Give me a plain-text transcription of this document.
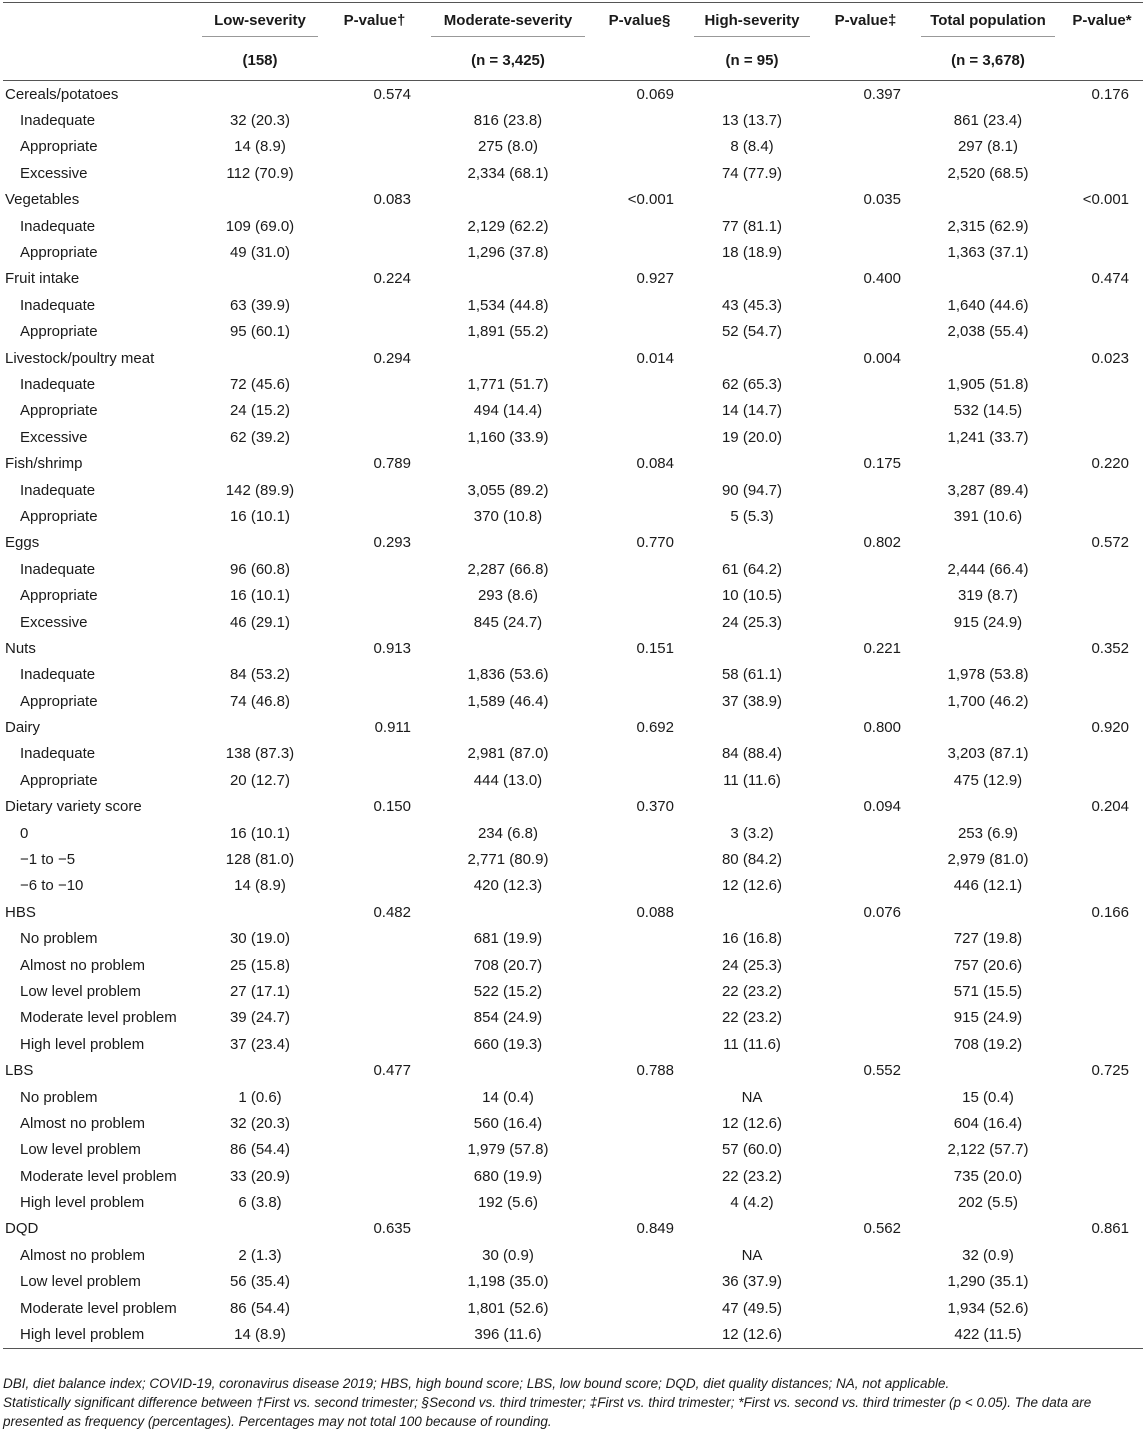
	Low-severity	P-value†	Moderate-severity	P-value§	High-severity	P-value‡	Total population	P-value*

	(158)		(n = 3,425)		(n = 95)		(n = 3,678)	
Cereals/potatoes		0.574		0.069		0.397		0.176
Inadequate	32 (20.3)		816 (23.8)		13 (13.7)		861 (23.4)	
Appropriate	14 (8.9)		275 (8.0)		8 (8.4)		297 (8.1)	
Excessive	112 (70.9)		2,334 (68.1)		74 (77.9)		2,520 (68.5)	
Vegetables		0.083		<0.001		0.035		<0.001
Inadequate	109 (69.0)		2,129 (62.2)		77 (81.1)		2,315 (62.9)	
Appropriate	49 (31.0)		1,296 (37.8)		18 (18.9)		1,363 (37.1)	
Fruit intake		0.224		0.927		0.400		0.474
Inadequate	63 (39.9)		1,534 (44.8)		43 (45.3)		1,640 (44.6)	
Appropriate	95 (60.1)		1,891 (55.2)		52 (54.7)		2,038 (55.4)	
Livestock/poultry meat		0.294		0.014		0.004		0.023
Inadequate	72 (45.6)		1,771 (51.7)		62 (65.3)		1,905 (51.8)	
Appropriate	24 (15.2)		494 (14.4)		14 (14.7)		532 (14.5)	
Excessive	62 (39.2)		1,160 (33.9)		19 (20.0)		1,241 (33.7)	
Fish/shrimp		0.789		0.084		0.175		0.220
Inadequate	142 (89.9)		3,055 (89.2)		90 (94.7)		3,287 (89.4)	
Appropriate	16 (10.1)		370 (10.8)		5 (5.3)		391 (10.6)	
Eggs		0.293		0.770		0.802		0.572
Inadequate	96 (60.8)		2,287 (66.8)		61 (64.2)		2,444 (66.4)	
Appropriate	16 (10.1)		293 (8.6)		10 (10.5)		319 (8.7)	
Excessive	46 (29.1)		845 (24.7)		24 (25.3)		915 (24.9)	
Nuts		0.913		0.151		0.221		0.352
Inadequate	84 (53.2)		1,836 (53.6)		58 (61.1)		1,978 (53.8)	
Appropriate	74 (46.8)		1,589 (46.4)		37 (38.9)		1,700 (46.2)	
Dairy		0.911		0.692		0.800		0.920
Inadequate	138 (87.3)		2,981 (87.0)		84 (88.4)		3,203 (87.1)	
Appropriate	20 (12.7)		444 (13.0)		11 (11.6)		475 (12.9)	
Dietary variety score		0.150		0.370		0.094		0.204
0	16 (10.1)		234 (6.8)		3 (3.2)		253 (6.9)	
−1 to −5	128 (81.0)		2,771 (80.9)		80 (84.2)		2,979 (81.0)	
−6 to −10	14 (8.9)		420 (12.3)		12 (12.6)		446 (12.1)	
HBS		0.482		0.088		0.076		0.166
No problem	30 (19.0)		681 (19.9)		16 (16.8)		727 (19.8)	
Almost no problem	25 (15.8)		708 (20.7)		24 (25.3)		757 (20.6)	
Low level problem	27 (17.1)		522 (15.2)		22 (23.2)		571 (15.5)	
Moderate level problem	39 (24.7)		854 (24.9)		22 (23.2)		915 (24.9)	
High level problem	37 (23.4)		660 (19.3)		11 (11.6)		708 (19.2)	
LBS		0.477		0.788		0.552		0.725
No problem	1 (0.6)		14 (0.4)		NA		15 (0.4)	
Almost no problem	32 (20.3)		560 (16.4)		12 (12.6)		604 (16.4)	
Low level problem	86 (54.4)		1,979 (57.8)		57 (60.0)		2,122 (57.7)	
Moderate level problem	33 (20.9)		680 (19.9)		22 (23.2)		735 (20.0)	
High level problem	6 (3.8)		192 (5.6)		4 (4.2)		202 (5.5)	
DQD		0.635		0.849		0.562		0.861
Almost no problem	2 (1.3)		30 (0.9)		NA		32 (0.9)	
Low level problem	56 (35.4)		1,198 (35.0)		36 (37.9)		1,290 (35.1)	
Moderate level problem	86 (54.4)		1,801 (52.6)		47 (49.5)		1,934 (52.6)	
High level problem	14 (8.9)		396 (11.6)		12 (12.6)		422 (11.5)	

DBI, diet balance index; COVID-19, coronavirus disease 2019; HBS, high bound score; LBS, low bound score; DQD, diet quality distances; NA, not applicable.

Statistically significant difference between †First vs. second trimester; §Second vs. third trimester; ‡First vs. third trimester; *First vs. second vs. third trimester (p < 0.05). The data are presented as frequency (percentages). Percentages may not total 100 because of rounding.
